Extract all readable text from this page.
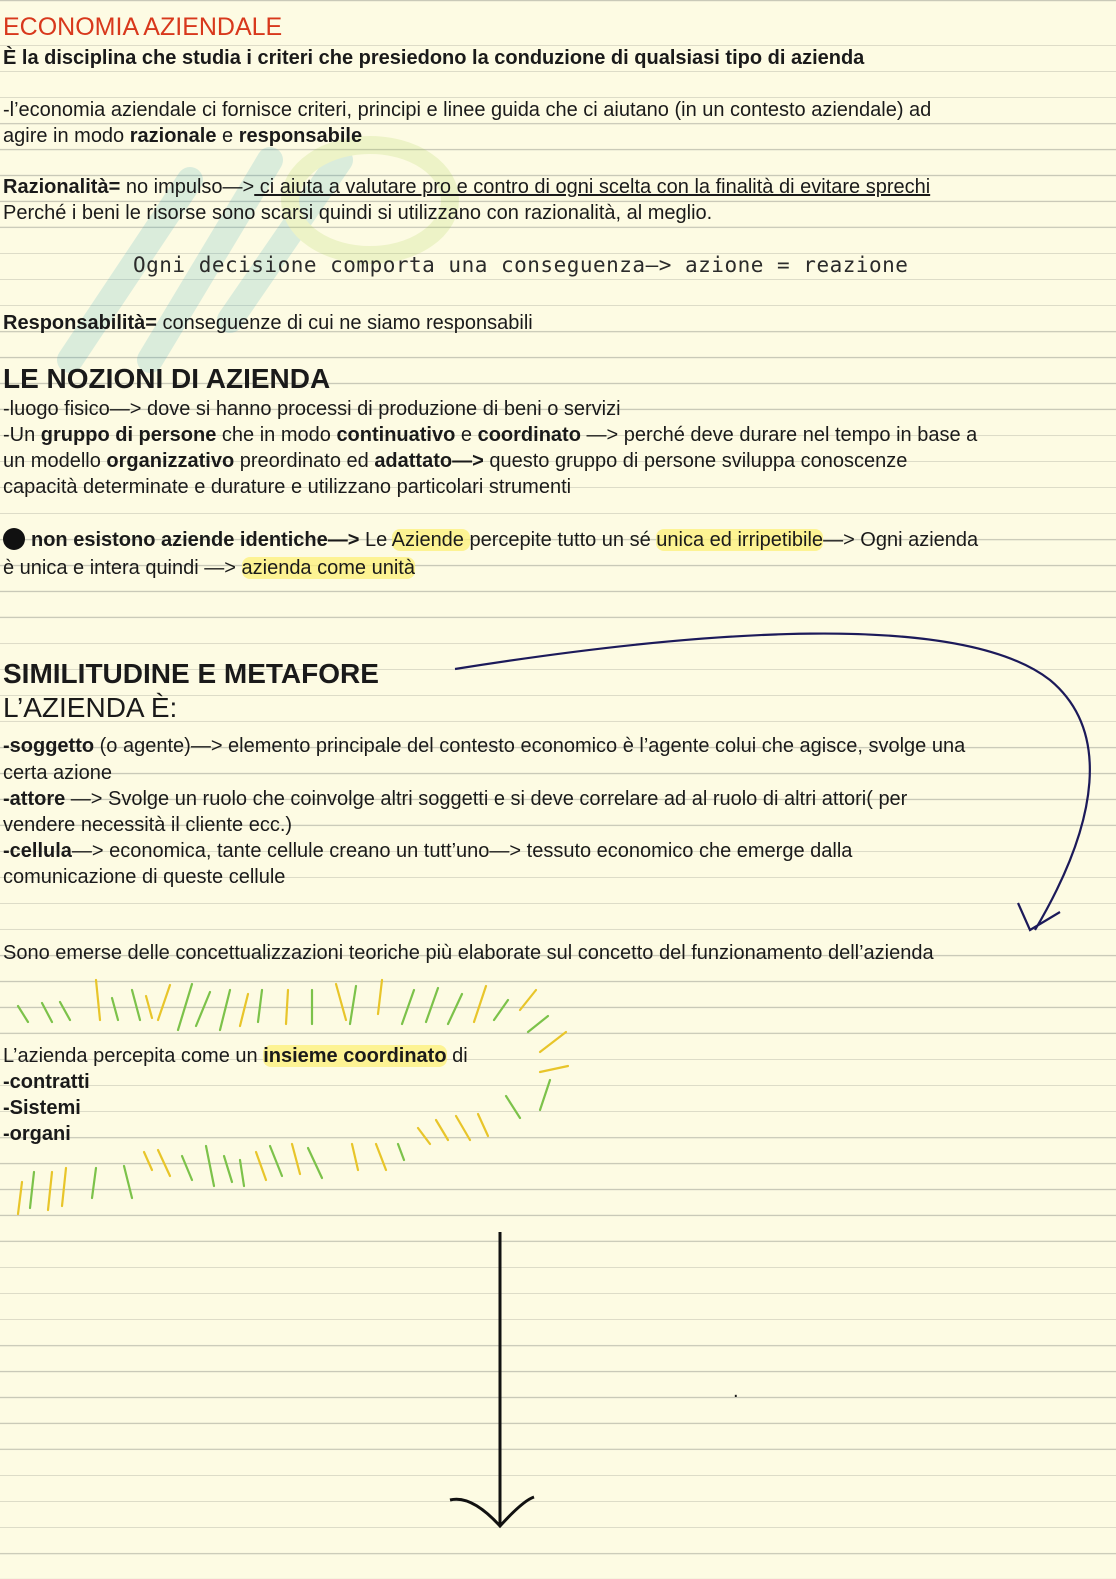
ECONOMIA AZIENDALE
È la disciplina che studia i criteri che presiedono la conduzione di qualsiasi tipo di azienda
-l’economia aziendale ci fornisce criteri, principi e linee guida che ci aiutano (in un contesto aziendale) ad
agire in modo razionale e responsabile
Razionalità= no impulso—> ci aiuta a valutare pro e contro di ogni scelta con la finalità di evitare sprechi
Perché i beni le risorse sono scarsi quindi si utilizzano con razionalità, al meglio.
Ogni decisione comporta una conseguenza—> azione = reazione
Responsabilità= conseguenze di cui ne siamo responsabili
LE NOZIONI DI AZIENDA
-luogo fisico—> dove si hanno processi di produzione di beni o servizi
-Un gruppo di persone che in modo continuativo e coordinato —> perché deve durare nel tempo in base a
un modello organizzativo preordinato ed adattato—> questo gruppo di persone sviluppa conoscenze
capacità determinate e durature e utilizzano particolari strumenti
non esistono aziende identiche—> Le Aziende percepite tutto un sé unica ed irripetibile—> Ogni azienda
è unica e intera quindi —> azienda come unità
SIMILITUDINE E METAFORE
L’AZIENDA È:
-soggetto (o agente)—> elemento principale del contesto economico è l’agente colui che agisce, svolge una
certa azione
-attore —> Svolge un ruolo che coinvolge altri soggetti e si deve correlare ad al ruolo di altri attori( per
vendere necessità il cliente ecc.)
-cellula—> economica, tante cellule creano un tutt’uno—> tessuto economico che emerge dalla
comunicazione di queste cellule
Sono emerse delle concettualizzazioni teoriche più elaborate sul concetto del funzionamento dell’azienda
L’azienda percepita come un insieme coordinato di
-contratti
-Sistemi
-organi
.
